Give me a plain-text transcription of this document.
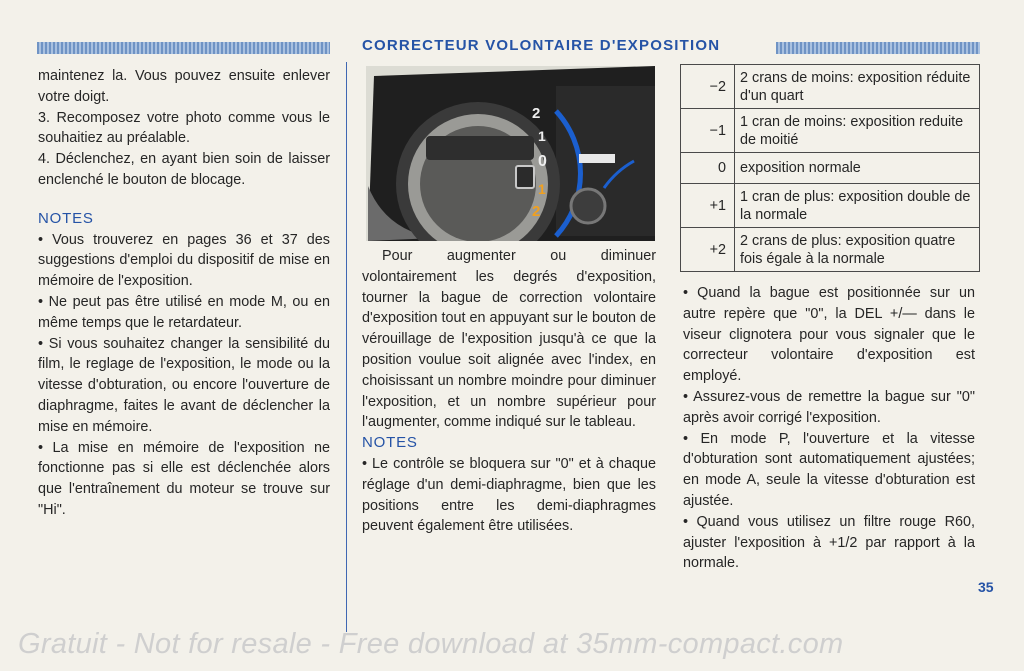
CORRECTEUR VOLONTAIRE D'EXPOSITION

maintenez la. Vous pouvez ensuite enlever votre doigt.

3. Recomposez votre photo comme vous le souhaitiez au préalable.

4. Déclenchez, en ayant bien soin de laisser enclenché le bouton de blocage.

NOTES

• Vous trouverez en pages 36 et 37 des suggestions d'emploi du dispositif de mise en mémoire de l'exposition.

• Ne peut pas être utilisé en mode M, ou en même temps que le retardateur.

• Si vous souhaitez changer la sensibilité du film, le reglage de l'exposition, le mode ou la vitesse d'obturation, ou encore l'ouverture de diaphragme, faites le avant de déclencher la mise en mémoire.

• La mise en mémoire de l'exposition ne fonctionne pas si elle est déclenchée alors que l'entraînement du moteur se trouve sur "Hi".

2
1
0
1
2

Pour augmenter ou diminuer volontairement les degrés d'exposition, tourner la bague de correction volontaire d'exposition tout en appuyant sur le bouton de vérouillage de l'exposition jusqu'à ce que la position voulue soit alignée avec l'index, en choisissant un nombre moindre pour diminuer l'exposition, et un nombre supérieur pour l'augmenter, comme indiqué sur le tableau.

NOTES

• Le contrôle se bloquera sur "0" et à chaque réglage d'un demi-diaphragme, bien que les positions entre les demi-diaphragmes peuvent également être utilisées.

−2	2 crans de moins: exposition réduite d'un quart
−1	1 cran de moins: exposition reduite de moitié
0	exposition normale
+1	1 cran de plus: exposition double de la normale
+2	2 crans de plus: exposition quatre fois égale à la normale

• Quand la bague est positionnée sur un autre repère que "0", la DEL +/— dans le viseur clignotera pour vous signaler que le correcteur volontaire d'exposition est employé.

• Assurez-vous de remettre la bague sur "0" après avoir corrigé l'exposition.

• En mode P, l'ouverture et la vitesse d'obturation sont automatiquement ajustées; en mode A, seule la vitesse d'obturation est ajustée.

• Quand vous utilisez un filtre rouge R60, ajuster l'exposition à +1/2 par rapport à la normale.

35
Gratuit - Not for resale - Free download at 35mm-compact.com
